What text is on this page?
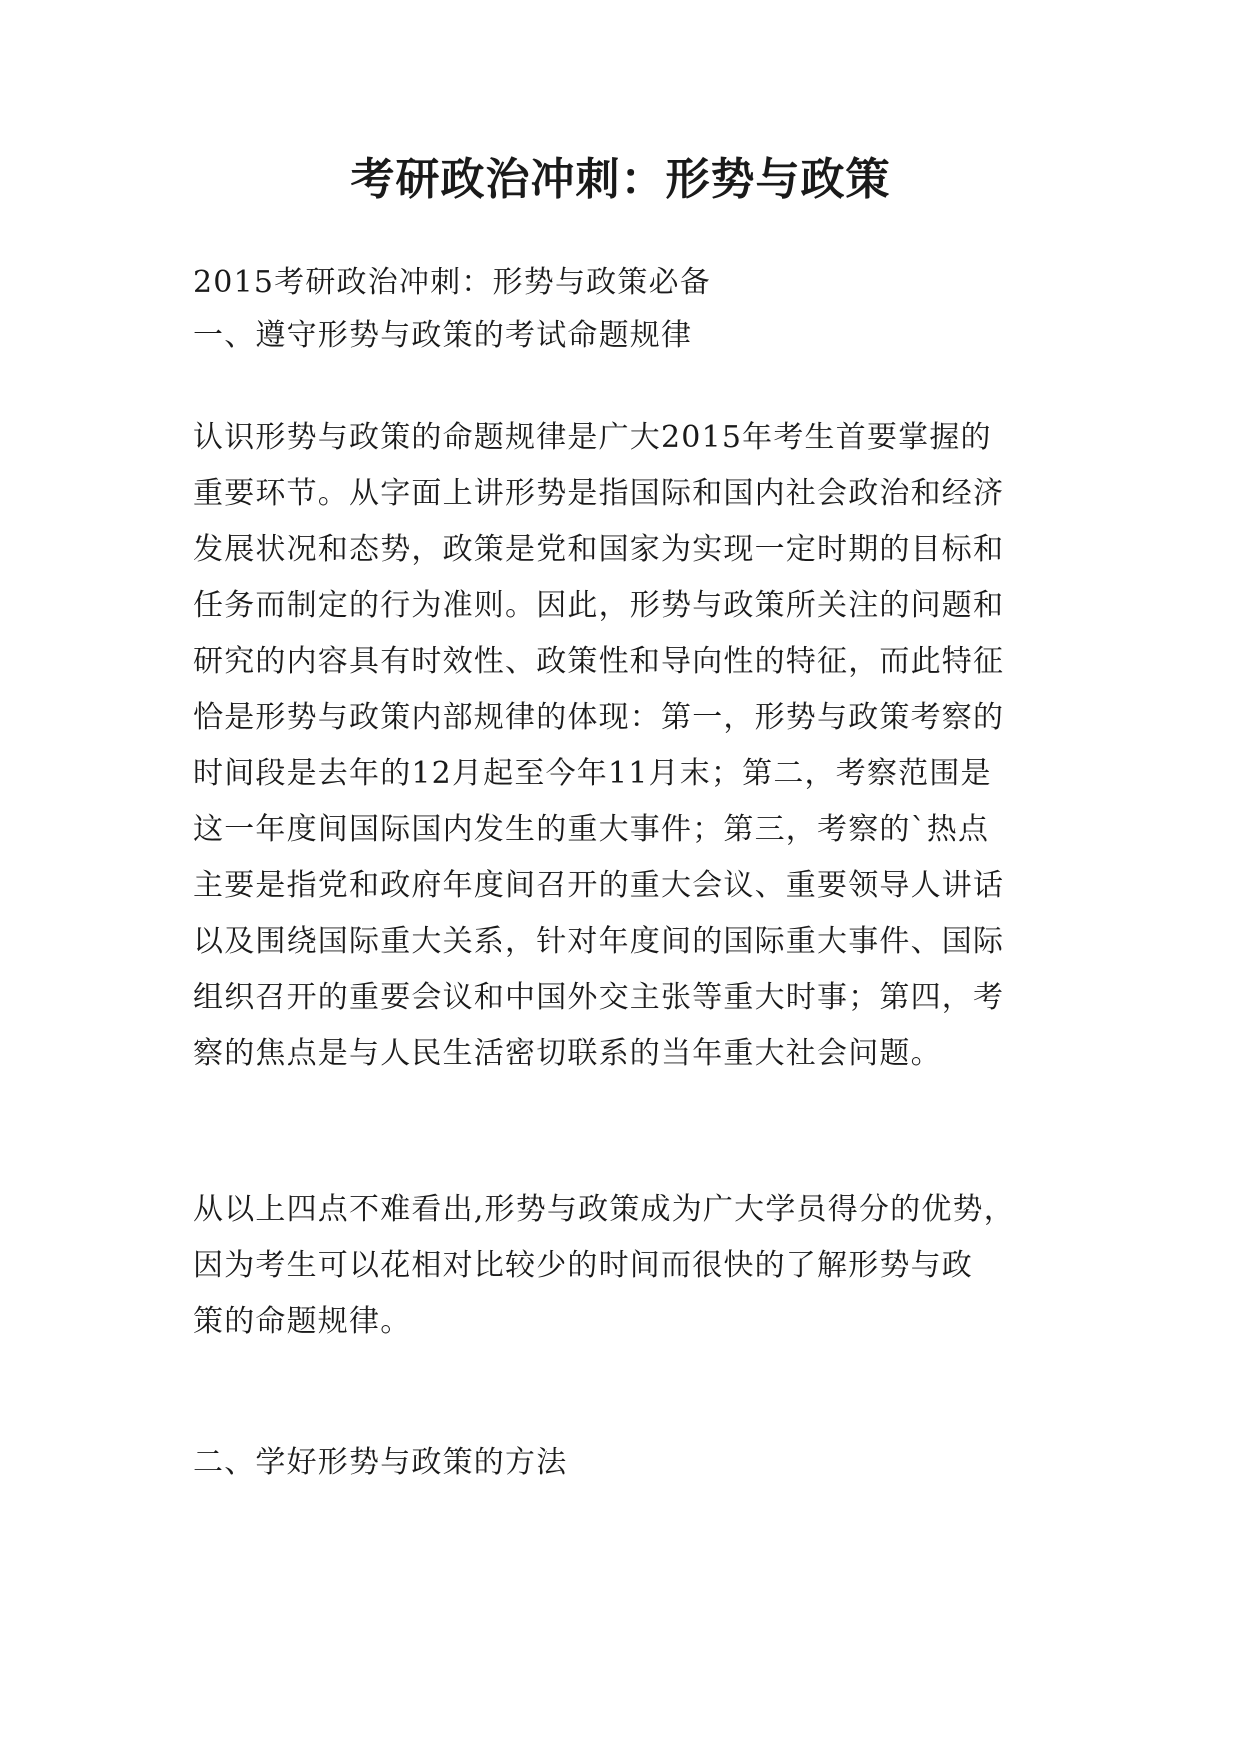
考研政治冲刺：形势与政策

2015考研政治冲刺：形势与政策必备

一、遵守形势与政策的考试命题规律

认识形势与政策的命题规律是广大2015年考生首要掌握的
重要环节。从字面上讲形势是指国际和国内社会政治和经济
发展状况和态势，政策是党和国家为实现一定时期的目标和
任务而制定的行为准则。因此，形势与政策所关注的问题和
研究的内容具有时效性、政策性和导向性的特征，而此特征
恰是形势与政策内部规律的体现：第一，形势与政策考察的
时间段是去年的12月起至今年11月末；第二，考察范围是
这一年度间国际国内发生的重大事件；第三，考察的`热点
主要是指党和政府年度间召开的重大会议、重要领导人讲话
以及围绕国际重大关系，针对年度间的国际重大事件、国际
组织召开的重要会议和中国外交主张等重大时事；第四，考
察的焦点是与人民生活密切联系的当年重大社会问题。
从以上四点不难看出,形势与政策成为广大学员得分的优势，
因为考生可以花相对比较少的时间而很快的了解形势与政
策的命题规律。

二、学好形势与政策的方法
